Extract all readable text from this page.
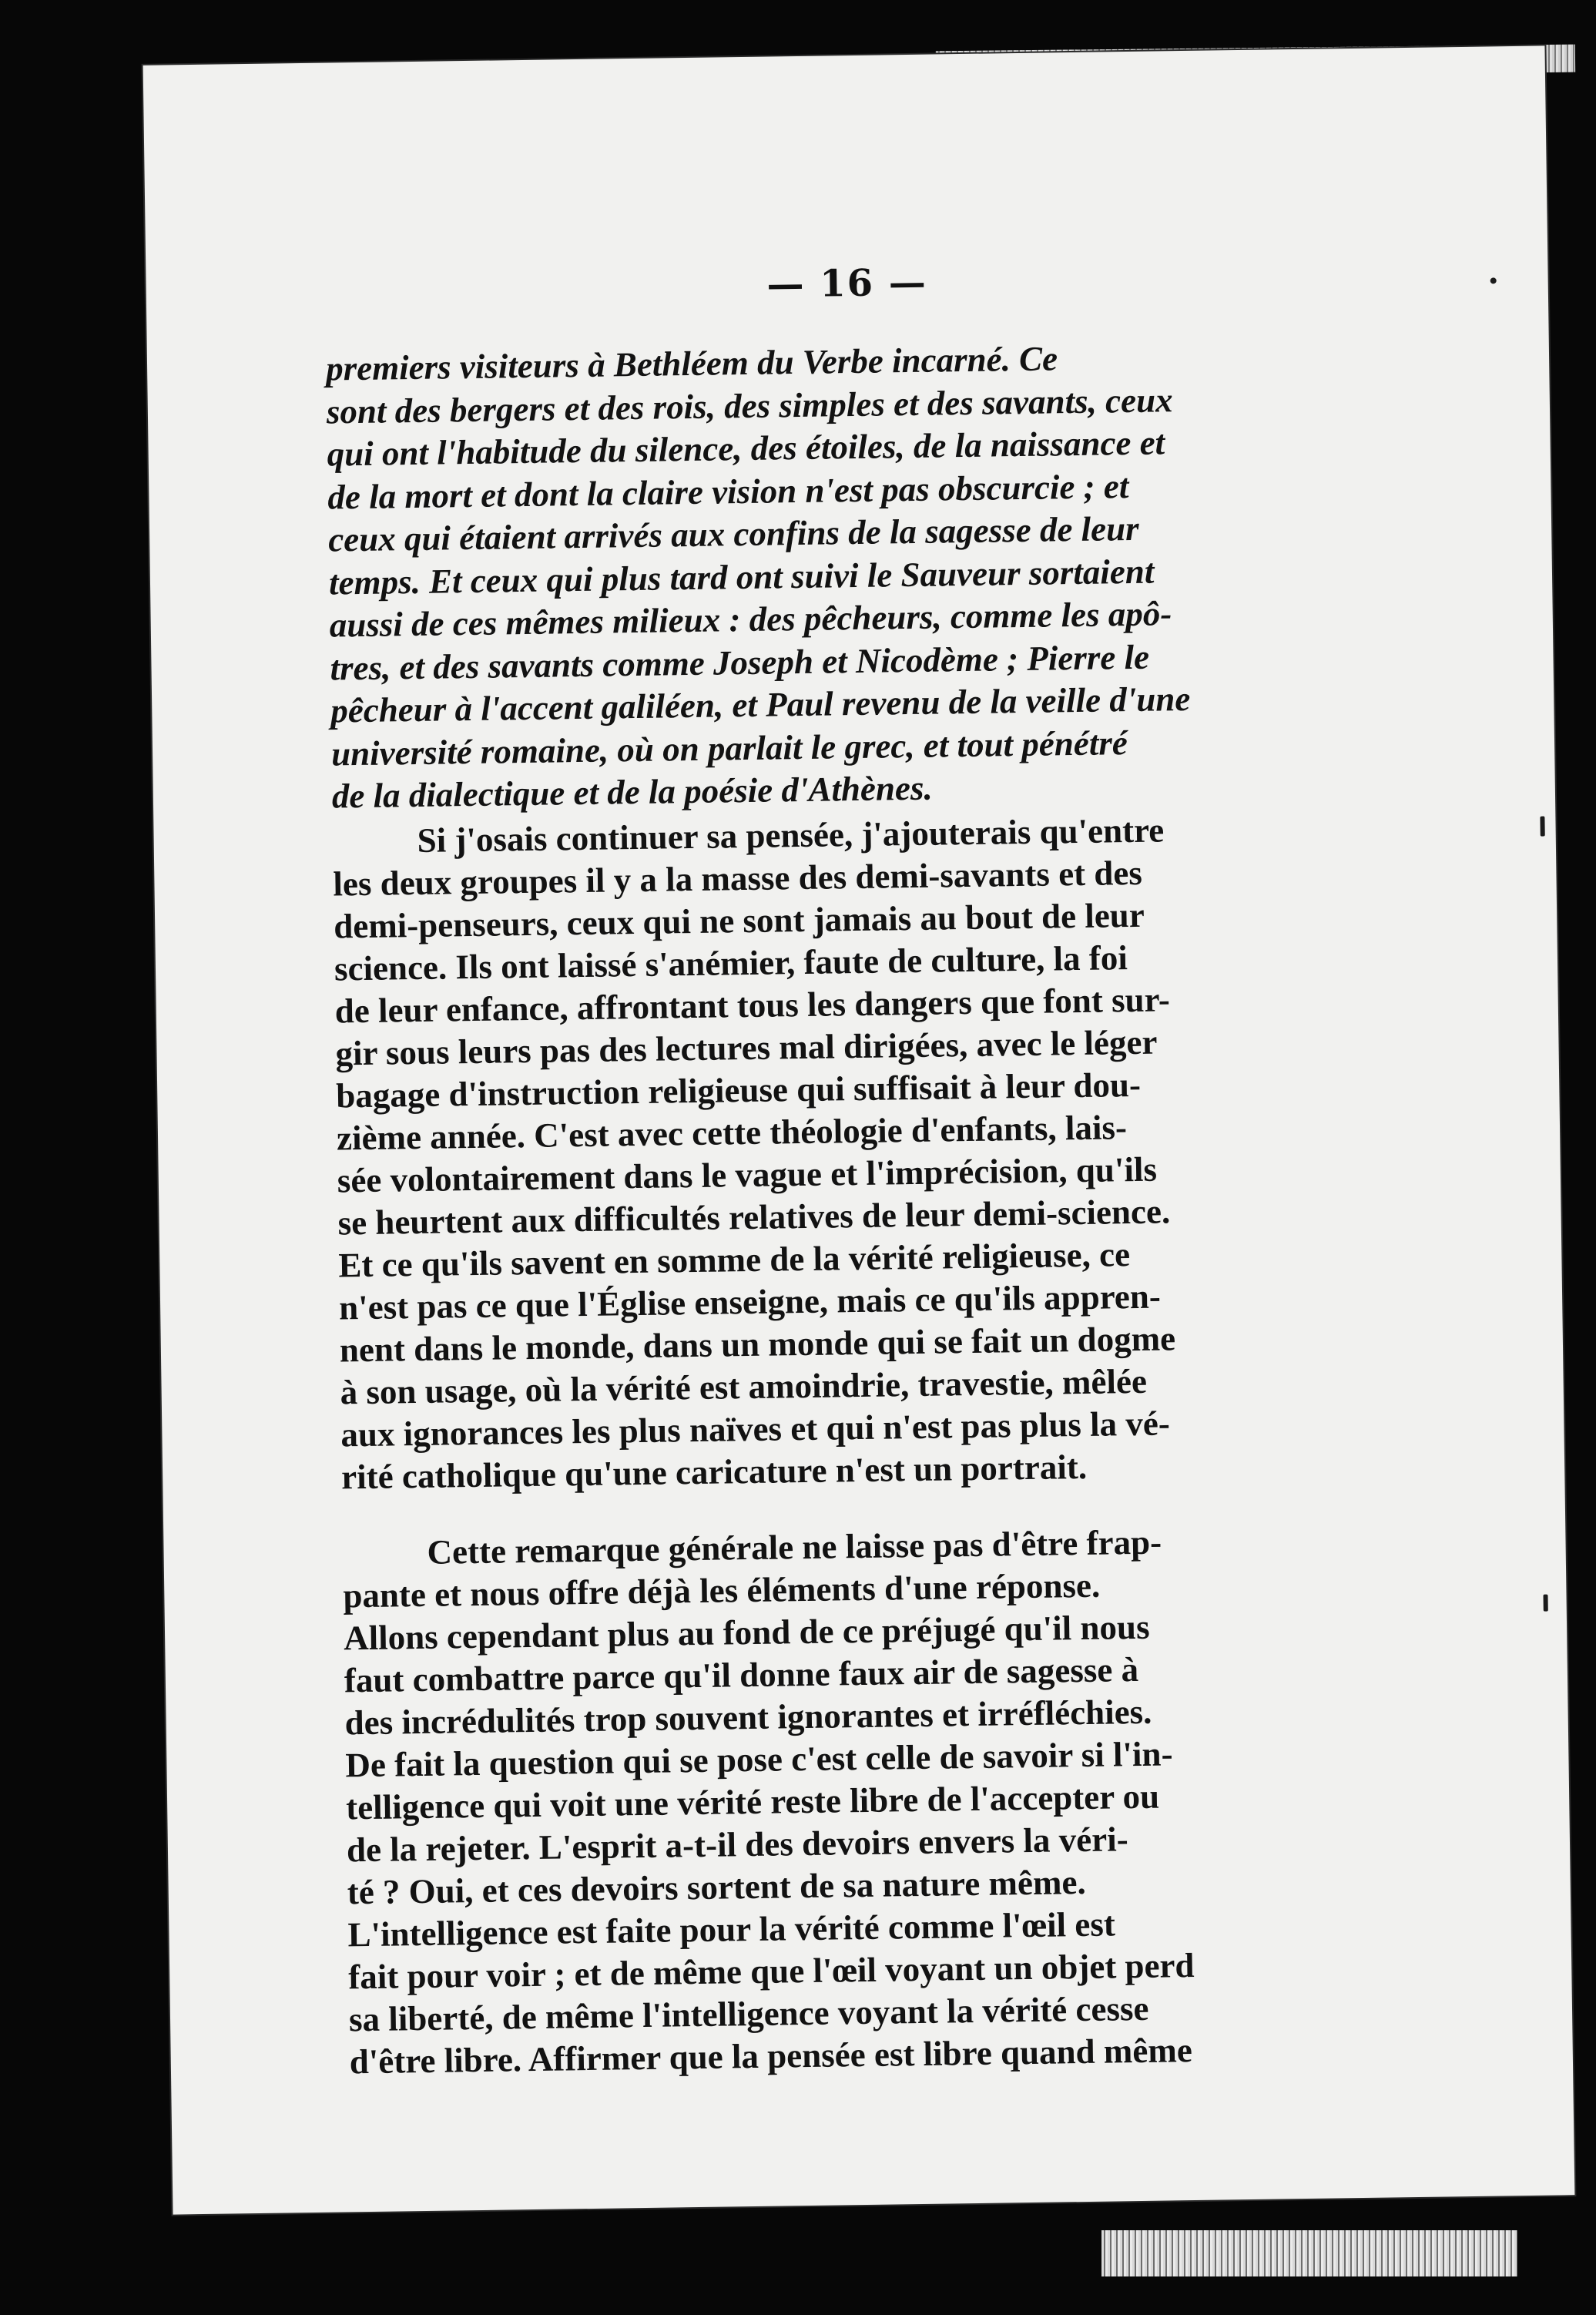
— 16 —
premiers visiteurs à Bethléem du Verbe incarné. Ce
sont des bergers et des rois, des simples et des savants, ceux
qui ont l'habitude du silence, des étoiles, de la naissance et
de la mort et dont la claire vision n'est pas obscurcie ; et
ceux qui étaient arrivés aux confins de la sagesse de leur
temps. Et ceux qui plus tard ont suivi le Sauveur sortaient
aussi de ces mêmes milieux : des pêcheurs, comme les apô-
tres, et des savants comme Joseph et Nicodème ; Pierre le
pêcheur à l'accent galiléen, et Paul revenu de la veille d'une
université romaine, où on parlait le grec, et tout pénétré
de la dialectique et de la poésie d'Athènes.
Si j'osais continuer sa pensée, j'ajouterais qu'entre
les deux groupes il y a la masse des demi-savants et des
demi-penseurs, ceux qui ne sont jamais au bout de leur
science. Ils ont laissé s'anémier, faute de culture, la foi
de leur enfance, affrontant tous les dangers que font sur-
gir sous leurs pas des lectures mal dirigées, avec le léger
bagage d'instruction religieuse qui suffisait à leur dou-
zième année. C'est avec cette théologie d'enfants, lais-
sée volontairement dans le vague et l'imprécision, qu'ils
se heurtent aux difficultés relatives de leur demi-science.
Et ce qu'ils savent en somme de la vérité religieuse, ce
n'est pas ce que l'Église enseigne, mais ce qu'ils appren-
nent dans le monde, dans un monde qui se fait un dogme
à son usage, où la vérité est amoindrie, travestie, mêlée
aux ignorances les plus naïves et qui n'est pas plus la vé-
rité catholique qu'une caricature n'est un portrait.
Cette remarque générale ne laisse pas d'être frap-
pante et nous offre déjà les éléments d'une réponse.
Allons cependant plus au fond de ce préjugé qu'il nous
faut combattre parce qu'il donne faux air de sagesse à
des incrédulités trop souvent ignorantes et irréfléchies.
De fait la question qui se pose c'est celle de savoir si l'in-
telligence qui voit une vérité reste libre de l'accepter ou
de la rejeter. L'esprit a-t-il des devoirs envers la véri-
té ? Oui, et ces devoirs sortent de sa nature même.
L'intelligence est faite pour la vérité comme l'œil est
fait pour voir ; et de même que l'œil voyant un objet perd
sa liberté, de même l'intelligence voyant la vérité cesse
d'être libre. Affirmer que la pensée est libre quand même
